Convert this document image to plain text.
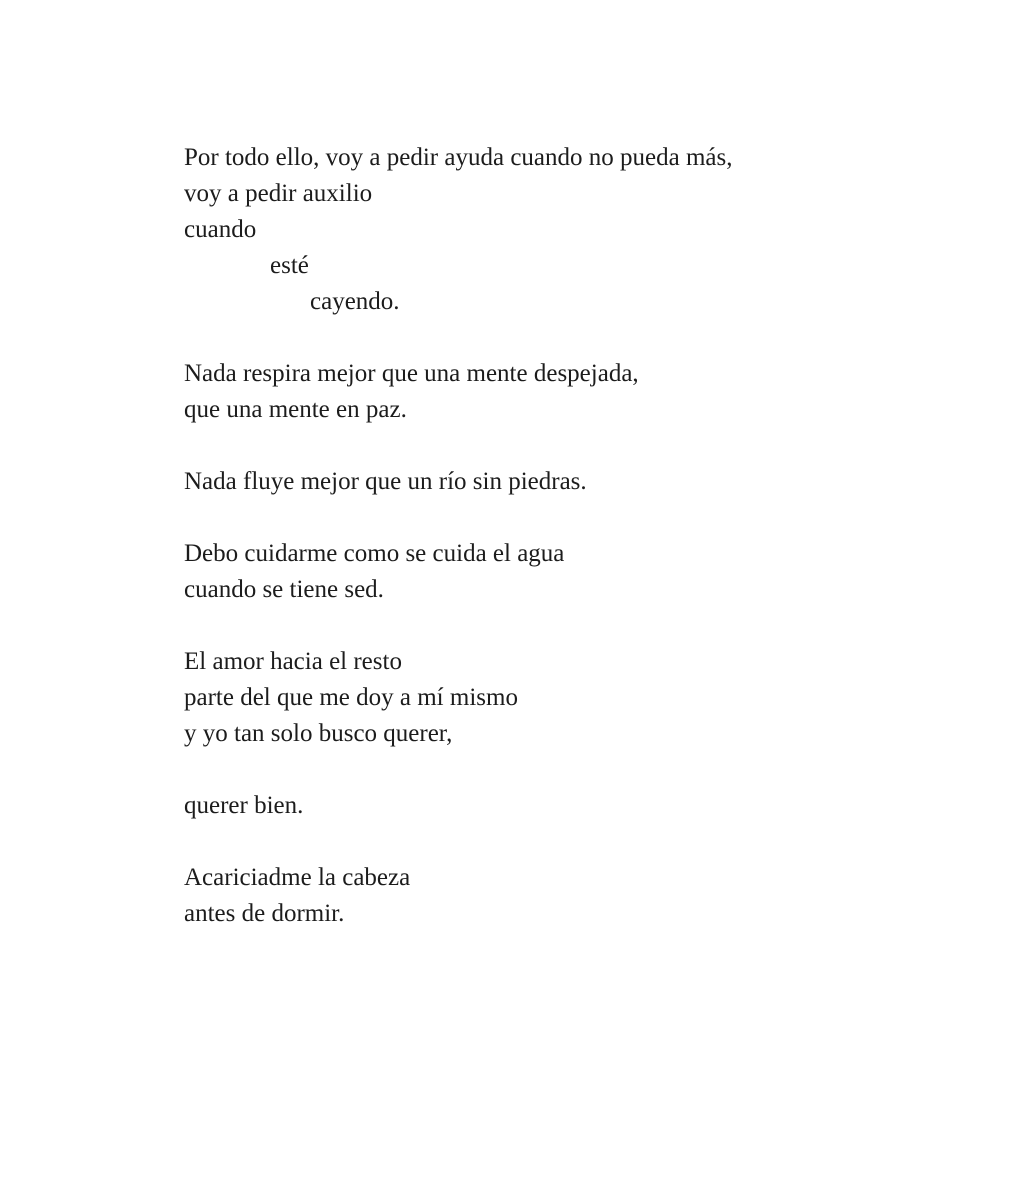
Por todo ello, voy a pedir ayuda cuando no pueda más,
voy a pedir auxilio
cuando
esté
cayendo.
Nada respira mejor que una mente despejada,
que una mente en paz.
Nada fluye mejor que un río sin piedras.
Debo cuidarme como se cuida el agua
cuando se tiene sed.
El amor hacia el resto
parte del que me doy a mí mismo
y yo tan solo busco querer,
querer bien.
Acariciadme la cabeza
antes de dormir.
